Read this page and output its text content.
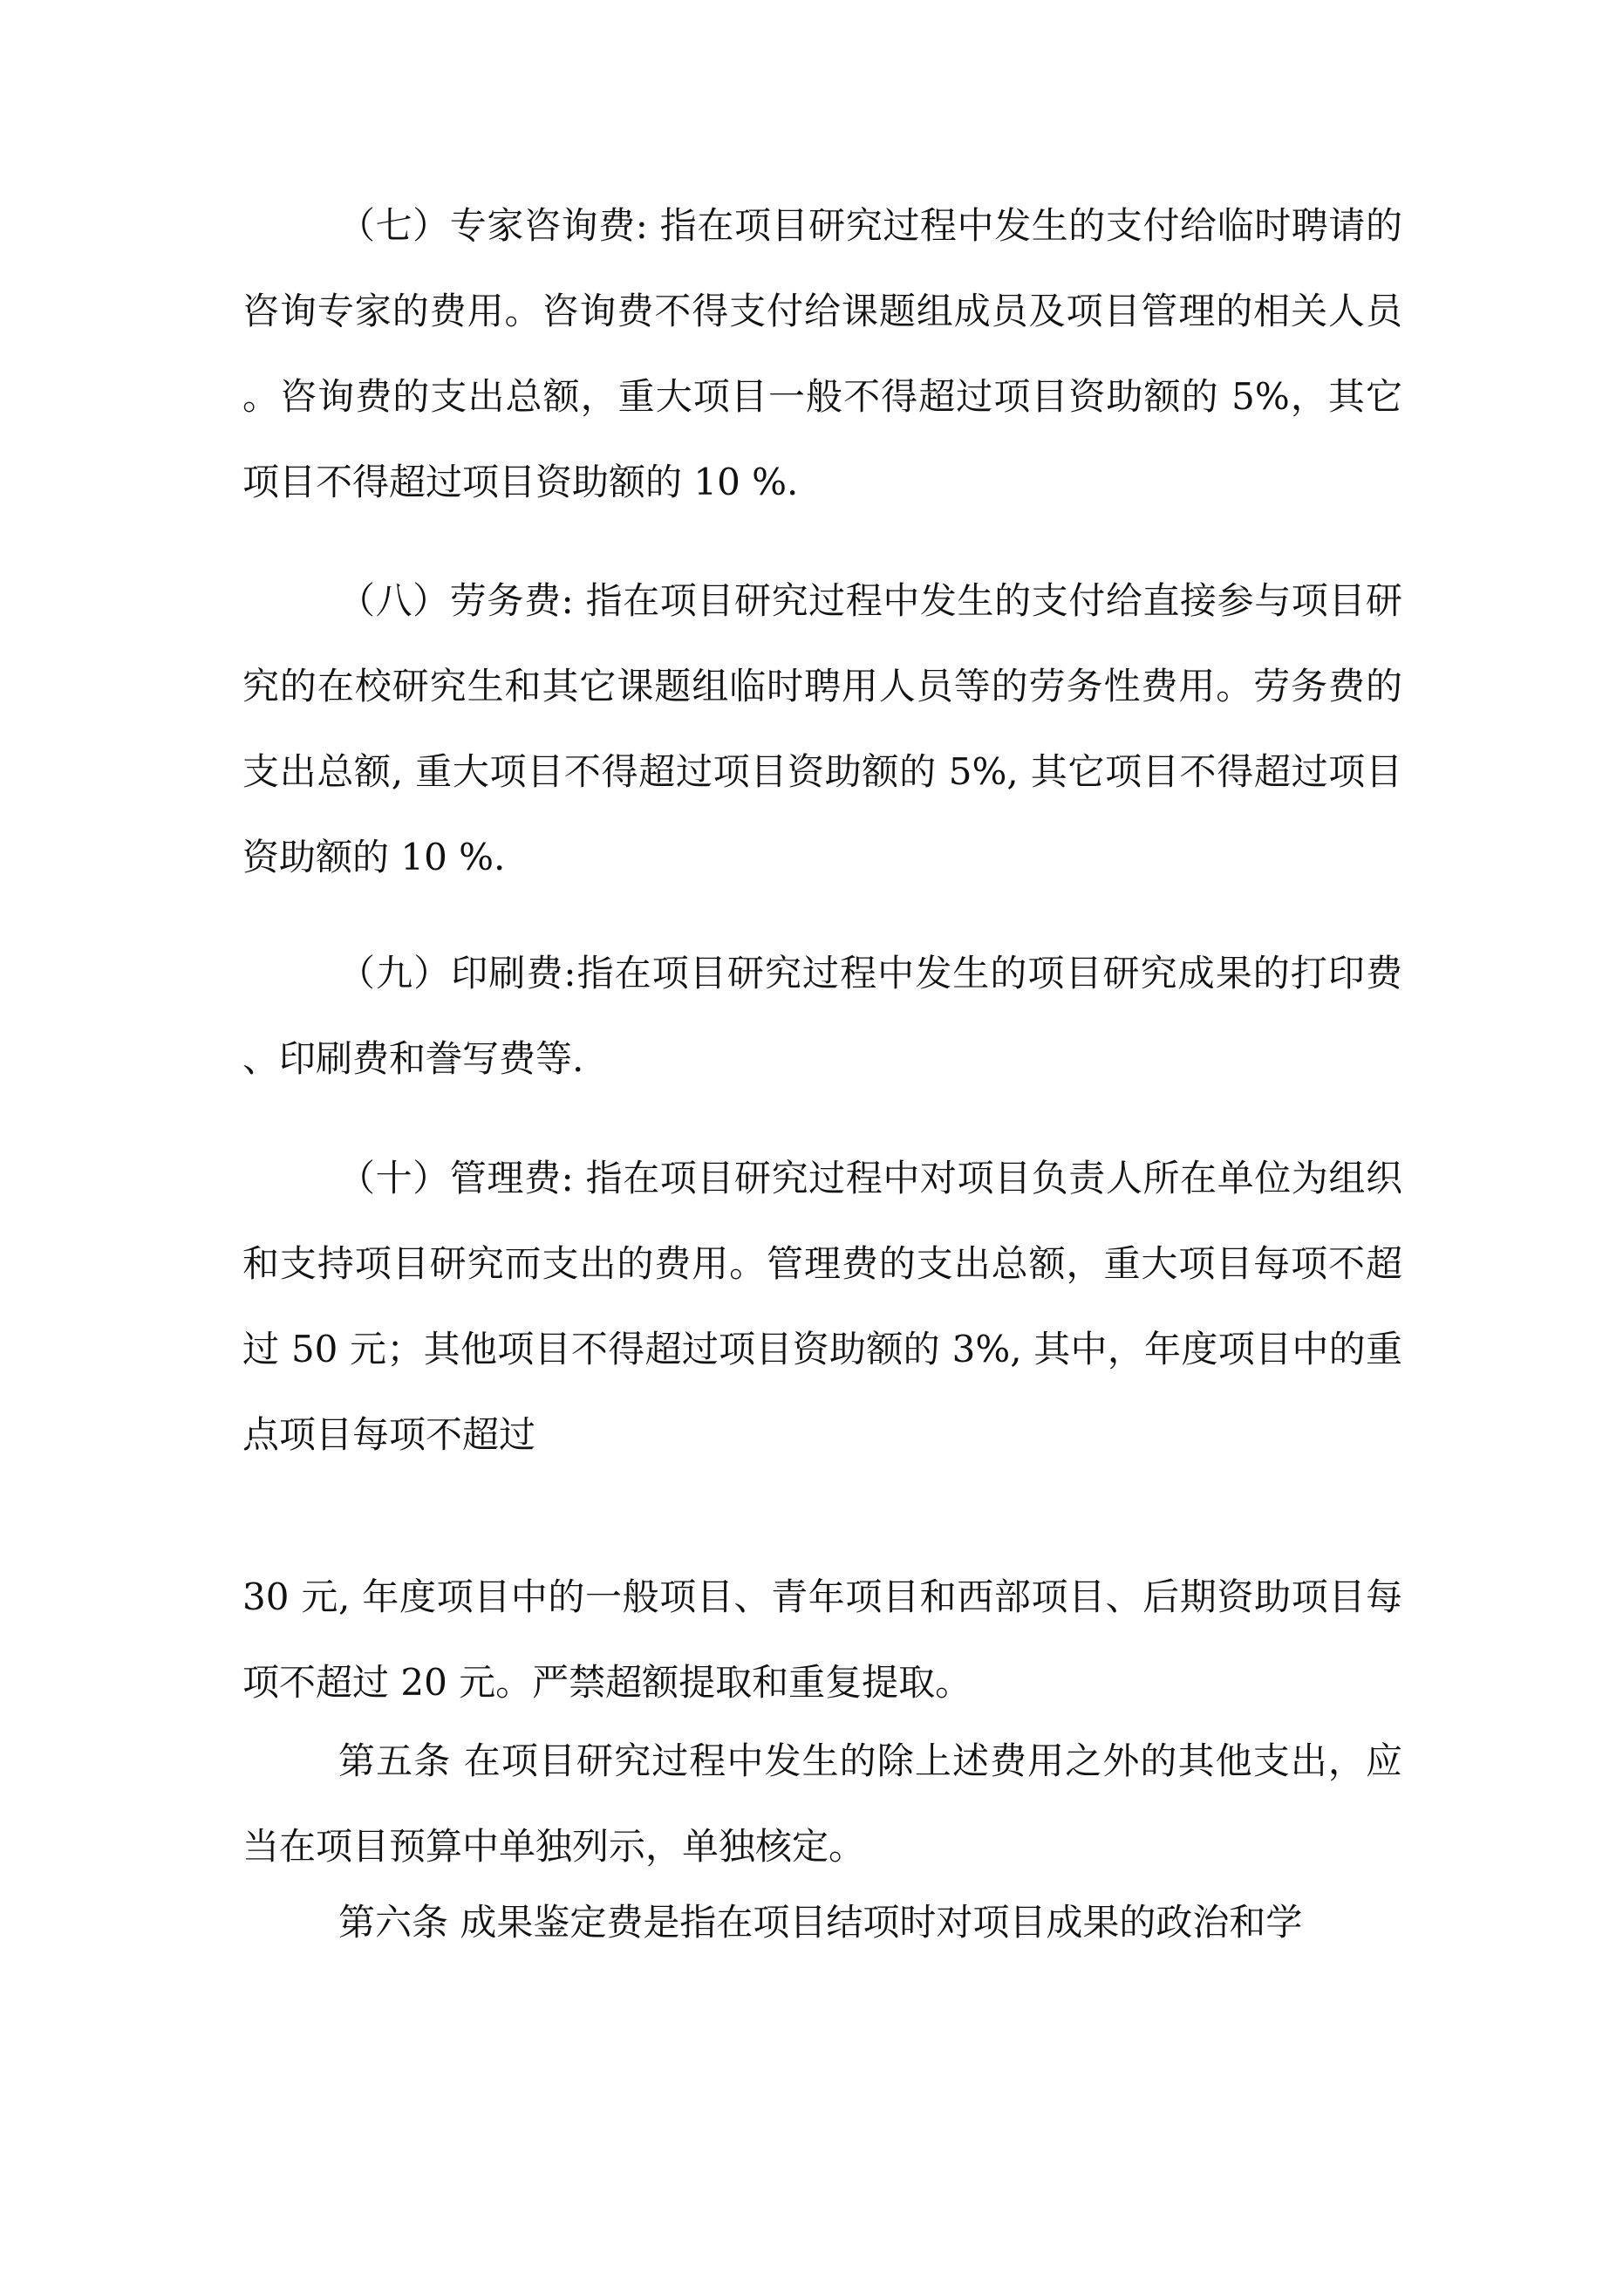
（七）专家咨询费: 指在项目研究过程中发生的支付给临时聘请的咨询专家的费用。咨询费不得支付给课题组成员及项目管理的相关人员。咨询费的支出总额，重大项目一般不得超过项目资助额的 5%，其它项目不得超过项目资助额的 10 %.

（八）劳务费: 指在项目研究过程中发生的支付给直接参与项目研究的在校研究生和其它课题组临时聘用人员等的劳务性费用。劳务费的支出总额, 重大项目不得超过项目资助额的 5%, 其它项目不得超过项目资助额的 10 %.

（九）印刷费:指在项目研究过程中发生的项目研究成果的打印费、印刷费和誊写费等.

（十）管理费: 指在项目研究过程中对项目负责人所在单位为组织和支持项目研究而支出的费用。管理费的支出总额，重大项目每项不超过 50 元；其他项目不得超过项目资助额的 3%, 其中，年度项目中的重点项目每项不超过

30 元, 年度项目中的一般项目、青年项目和西部项目、后期资助项目每项不超过 20 元。严禁超额提取和重复提取。

第五条 在项目研究过程中发生的除上述费用之外的其他支出，应当在项目预算中单独列示，单独核定。

第六条 成果鉴定费是指在项目结项时对项目成果的政治和学
